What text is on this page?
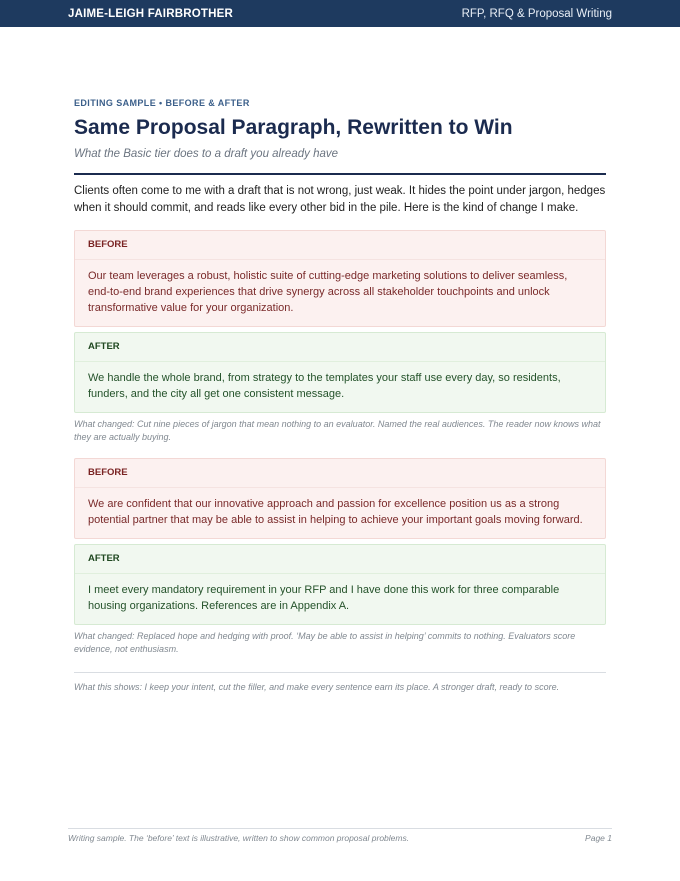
JAIME-LEIGH FAIRBROTHER	RFP, RFQ & Proposal Writing
EDITING SAMPLE • BEFORE & AFTER
Same Proposal Paragraph, Rewritten to Win
What the Basic tier does to a draft you already have
Clients often come to me with a draft that is not wrong, just weak. It hides the point under jargon, hedges when it should commit, and reads like every other bid in the pile. Here is the kind of change I make.
BEFORE
Our team leverages a robust, holistic suite of cutting-edge marketing solutions to deliver seamless, end-to-end brand experiences that drive synergy across all stakeholder touchpoints and unlock transformative value for your organization.
AFTER
We handle the whole brand, from strategy to the templates your staff use every day, so residents, funders, and the city all get one consistent message.
What changed: Cut nine pieces of jargon that mean nothing to an evaluator. Named the real audiences. The reader now knows what they are actually buying.
BEFORE
We are confident that our innovative approach and passion for excellence position us as a strong potential partner that may be able to assist in helping to achieve your important goals moving forward.
AFTER
I meet every mandatory requirement in your RFP and I have done this work for three comparable housing organizations. References are in Appendix A.
What changed: Replaced hope and hedging with proof. ‘May be able to assist in helping’ commits to nothing. Evaluators score evidence, not enthusiasm.
What this shows: I keep your intent, cut the filler, and make every sentence earn its place. A stronger draft, ready to score.
Writing sample. The ‘before’ text is illustrative, written to show common proposal problems.	Page 1
